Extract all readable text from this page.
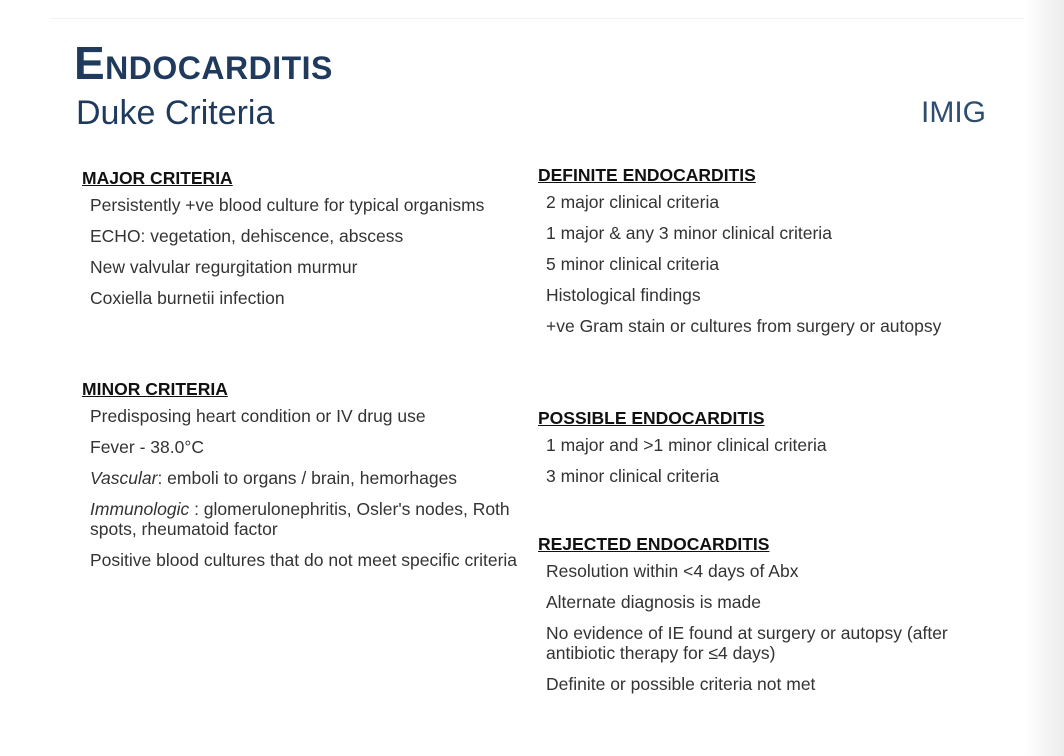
Endocarditis
Duke Criteria	IMIG
MAJOR CRITERIA
Persistently +ve blood culture for typical organisms
ECHO: vegetation, dehiscence, abscess
New valvular regurgitation murmur
Coxiella burnetii infection
MINOR CRITERIA
Predisposing heart condition or IV drug use
Fever - 38.0°C
Vascular: emboli to organs / brain, hemorhages
Immunologic : glomerulonephritis, Osler's nodes, Roth spots, rheumatoid factor
Positive blood cultures that do not meet specific criteria
DEFINITE ENDOCARDITIS
2 major clinical criteria
1 major & any 3 minor clinical criteria
5 minor clinical criteria
Histological findings
+ve Gram stain or cultures from surgery or autopsy
POSSIBLE ENDOCARDITIS
1 major and >1 minor clinical criteria
3 minor clinical criteria
REJECTED ENDOCARDITIS
Resolution within <4 days of Abx
Alternate diagnosis is made
No evidence of IE found at surgery or autopsy (after antibiotic therapy for ≤4 days)
Definite or possible criteria not met
